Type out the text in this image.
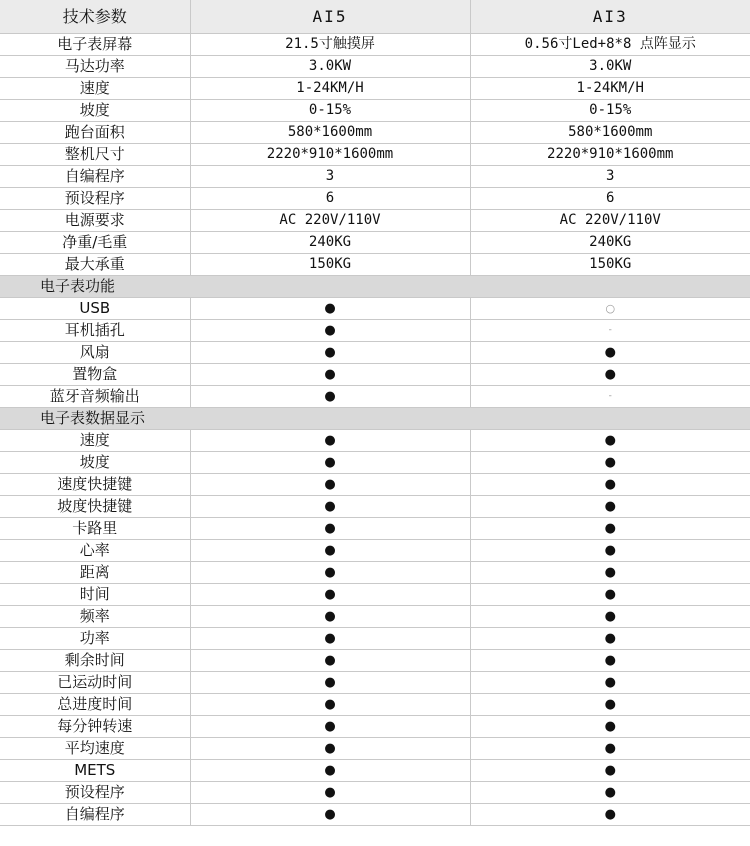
技术参数	AI5	AI3
电子表屏幕	21.5寸触摸屏	0.56寸Led+8*8 点阵显示
马达功率	3.0KW	3.0KW
速度	1-24KM/H	1-24KM/H
坡度	0-15%	0-15%
跑台面积	580*1600mm	580*1600mm
整机尺寸	2220*910*1600mm	2220*910*1600mm
自编程序	3	3
预设程序	6	6
电源要求	AC 220V/110V	AC 220V/110V
净重/毛重	240KG	240KG
最大承重	150KG	150KG
电子表功能		
USB	●	○
耳机插孔	●	-
风扇	●	●
置物盒	●	●
蓝牙音频输出	●	-
电子表数据显示		
速度	●	●
坡度	●	●
速度快捷键	●	●
坡度快捷键	●	●
卡路里	●	●
心率	●	●
距离	●	●
时间	●	●
频率	●	●
功率	●	●
剩余时间	●	●
已运动时间	●	●
总进度时间	●	●
每分钟转速	●	●
平均速度	●	●
METS	●	●
预设程序	●	●
自编程序	●	●
